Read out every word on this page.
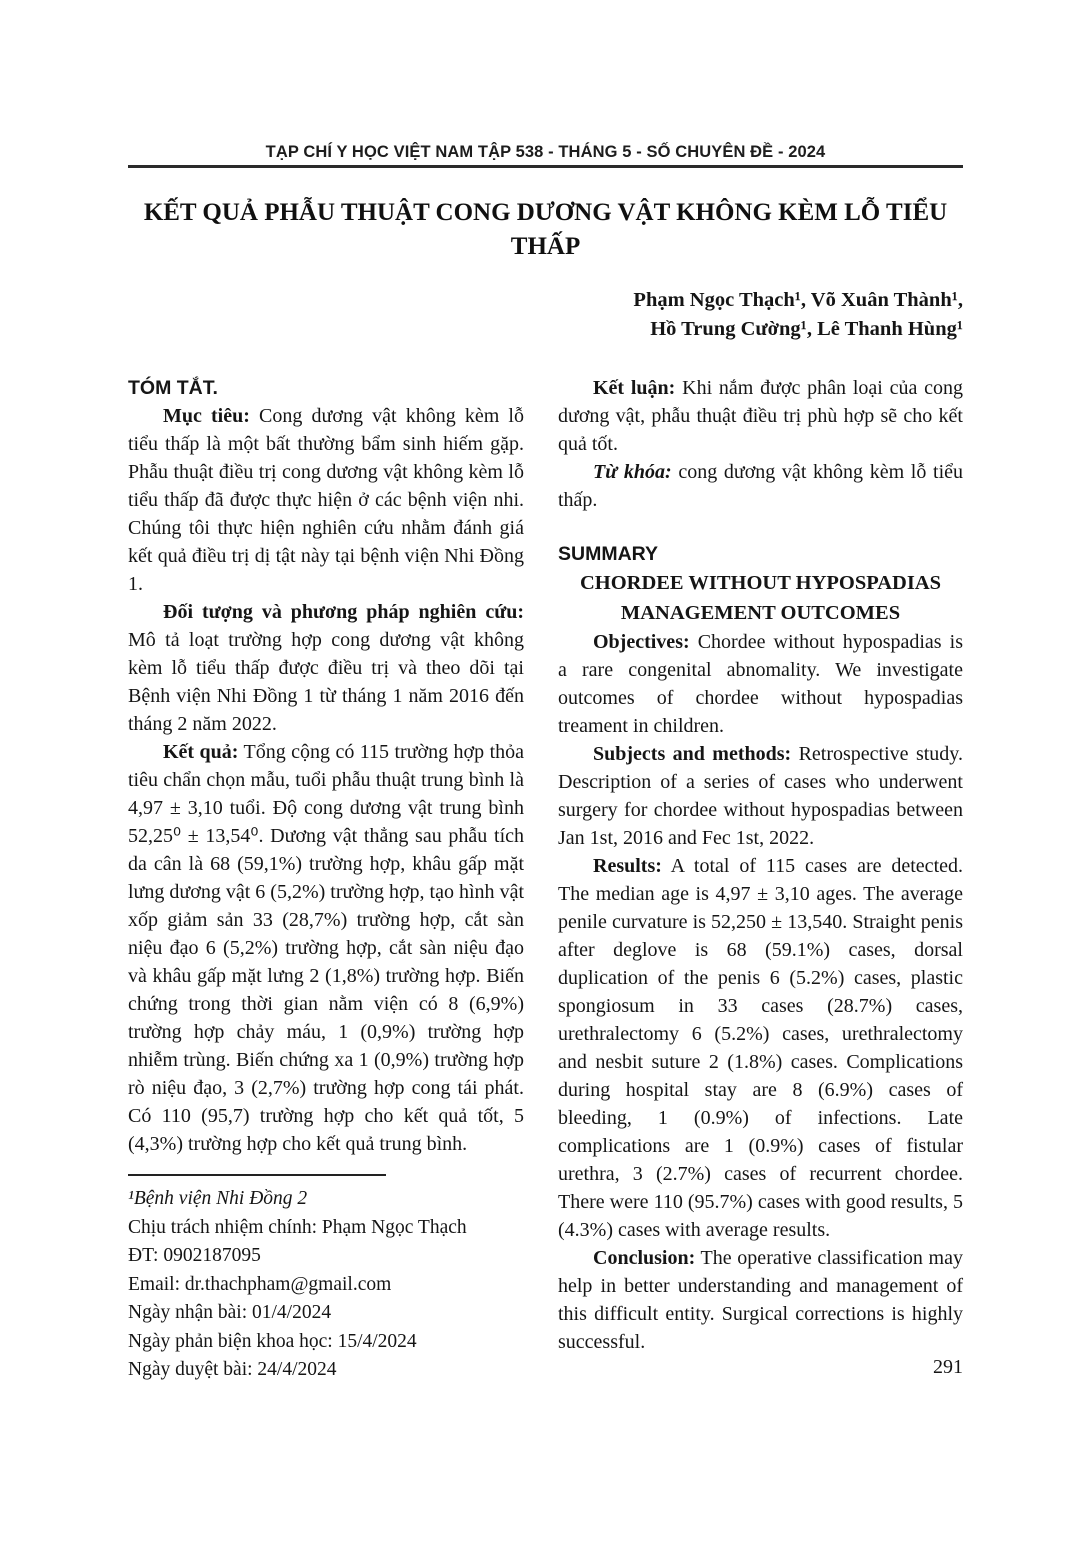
TẠP CHÍ Y HỌC VIỆT NAM TẬP 538 - THÁNG 5 - SỐ CHUYÊN ĐỀ - 2024
KẾT QUẢ PHẪU THUẬT CONG DƯƠNG VẬT KHÔNG KÈM LỖ TIỂU THẤP
Phạm Ngọc Thạch¹, Võ Xuân Thành¹,
Hồ Trung Cường¹, Lê Thanh Hùng¹
TÓM TẮT.

Mục tiêu: Cong dương vật không kèm lỗ tiểu thấp là một bất thường bẩm sinh hiếm gặp. Phẫu thuật điều trị cong dương vật không kèm lỗ tiểu thấp đã được thực hiện ở các bệnh viện nhi. Chúng tôi thực hiện nghiên cứu nhằm đánh giá kết quả điều trị dị tật này tại bệnh viện Nhi Đồng 1.

Đối tượng và phương pháp nghiên cứu: Mô tả loạt trường hợp cong dương vật không kèm lỗ tiểu thấp được điều trị và theo dõi tại Bệnh viện Nhi Đồng 1 từ tháng 1 năm 2016 đến tháng 2 năm 2022.

Kết quả: Tổng cộng có 115 trường hợp thỏa tiêu chẩn chọn mẫu, tuổi phẫu thuật trung bình là 4,97 ± 3,10 tuổi. Độ cong dương vật trung bình 52,25⁰ ± 13,54⁰. Dương vật thẳng sau phẫu tích da cân là 68 (59,1%) trường hợp, khâu gấp mặt lưng dương vật 6 (5,2%) trường hợp, tạo hình vật xốp giảm sản 33 (28,7%) trường hợp, cắt sàn niệu đạo 6 (5,2%) trường hợp, cắt sàn niệu đạo và khâu gấp mặt lưng 2 (1,8%) trường hợp. Biến chứng trong thời gian nằm viện có 8 (6,9%) trường hợp chảy máu, 1 (0,9%) trường hợp nhiễm trùng. Biến chứng xa 1 (0,9%) trường hợp rò niệu đạo, 3 (2,7%) trường hợp cong tái phát. Có 110 (95,7) trường hợp cho kết quả tốt, 5 (4,3%) trường hợp cho kết quả trung bình.

¹Bệnh viện Nhi Đồng 2
Chịu trách nhiệm chính: Phạm Ngọc Thạch
ĐT: 0902187095
Email: dr.thachpham@gmail.com
Ngày nhận bài: 01/4/2024
Ngày phản biện khoa học: 15/4/2024
Ngày duyệt bài: 24/4/2024

Kết luận: Khi nắm được phân loại của cong dương vật, phẫu thuật điều trị phù hợp sẽ cho kết quả tốt.

Từ khóa: cong dương vật không kèm lỗ tiểu thấp.

SUMMARY
CHORDEE WITHOUT HYPOSPADIAS MANAGEMENT OUTCOMES

Objectives: Chordee without hypospadias is a rare congenital abnomality. We investigate outcomes of chordee without hypospadias treament in children.

Subjects and methods: Retrospective study. Description of a series of cases who underwent surgery for chordee without hypospadias between Jan 1st, 2016 and Fec 1st, 2022.

Results: A total of 115 cases are detected. The median age is 4,97 ± 3,10 ages. The average penile curvature is 52,250 ± 13,540. Straight penis after deglove is 68 (59.1%) cases, dorsal duplication of the penis 6 (5.2%) cases, plastic spongiosum in 33 cases (28.7%) cases, urethralectomy 6 (5.2%) cases, urethralectomy and nesbit suture 2 (1.8%) cases. Complications during hospital stay are 8 (6.9%) cases of bleeding, 1 (0.9%) of infections. Late complications are 1 (0.9%) cases of fistular urethra, 3 (2.7%) cases of recurrent chordee. There were 110 (95.7%) cases with good results, 5 (4.3%) cases with average results.

Conclusion: The operative classification may help in better understanding and management of this difficult entity. Surgical corrections is highly successful.

291
